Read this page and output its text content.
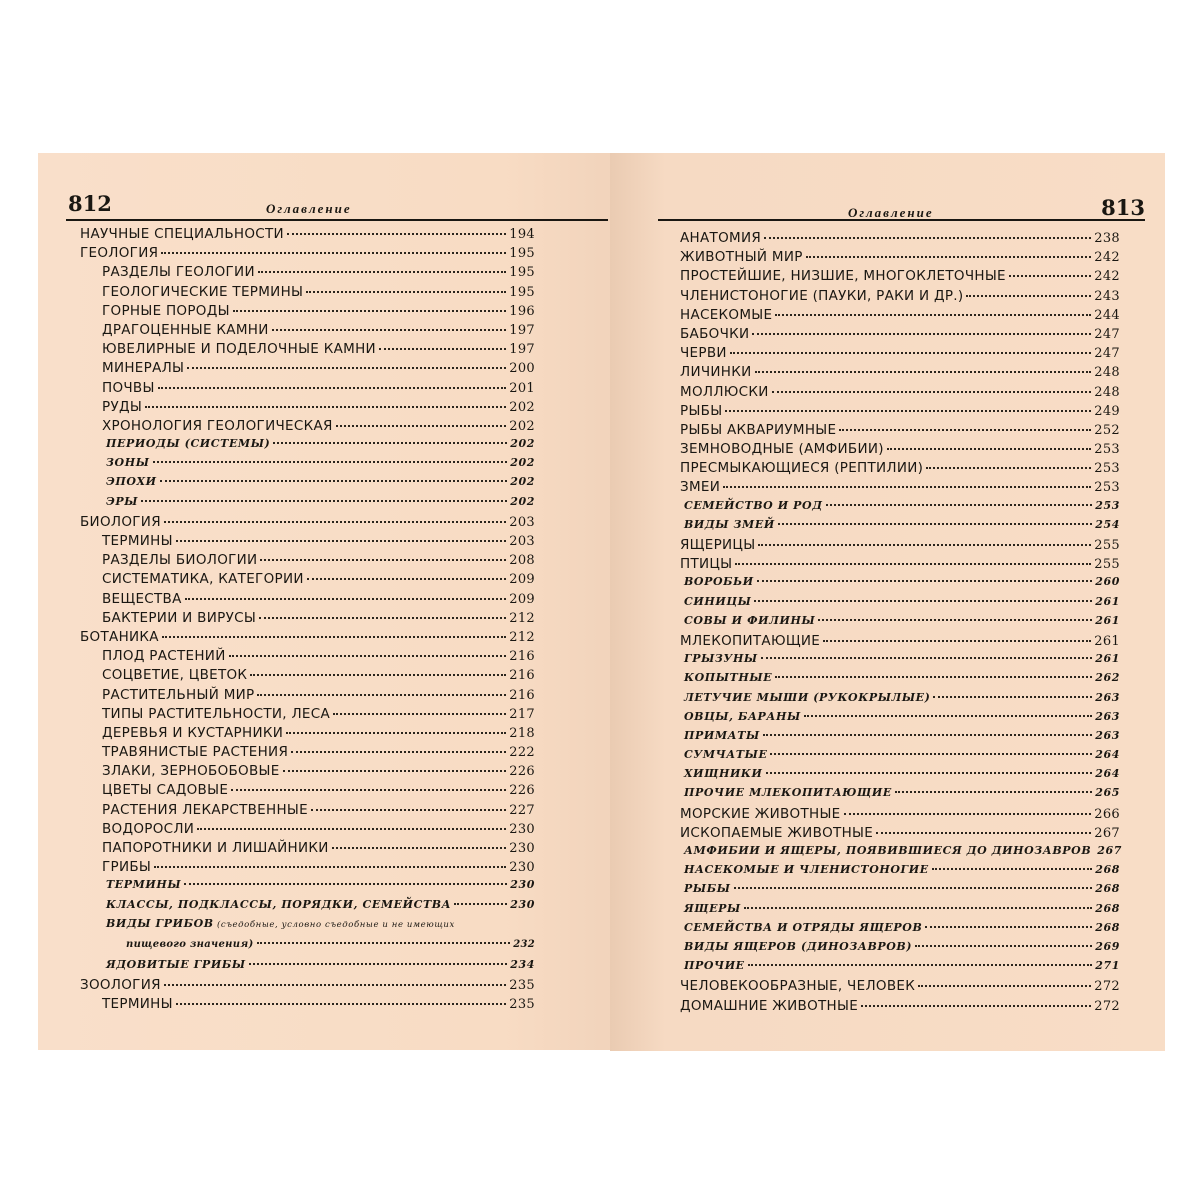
812	Оглавление
НАУЧНЫЕ СПЕЦИАЛЬНОСТИ	194
ГЕОЛОГИЯ	195
РАЗДЕЛЫ ГЕОЛОГИИ	195
ГЕОЛОГИЧЕСКИЕ ТЕРМИНЫ	195
ГОРНЫЕ ПОРОДЫ	196
ДРАГОЦЕННЫЕ КАМНИ	197
ЮВЕЛИРНЫЕ И ПОДЕЛОЧНЫЕ КАМНИ	197
МИНЕРАЛЫ	200
ПОЧВЫ	201
РУДЫ	202
ХРОНОЛОГИЯ ГЕОЛОГИЧЕСКАЯ	202
ПЕРИОДЫ (СИСТЕМЫ)	202
ЗОНЫ	202
ЭПОХИ	202
ЭРЫ	202
БИОЛОГИЯ	203
ТЕРМИНЫ	203
РАЗДЕЛЫ БИОЛОГИИ	208
СИСТЕМАТИКА, КАТЕГОРИИ	209
ВЕЩЕСТВА	209
БАКТЕРИИ И ВИРУСЫ	212
БОТАНИКА	212
ПЛОД РАСТЕНИЙ	216
СОЦВЕТИЕ, ЦВЕТОК	216
РАСТИТЕЛЬНЫЙ МИР	216
ТИПЫ РАСТИТЕЛЬНОСТИ, ЛЕСА	217
ДЕРЕВЬЯ И КУСТАРНИКИ	218
ТРАВЯНИСТЫЕ РАСТЕНИЯ	222
ЗЛАКИ, ЗЕРНОБОБОВЫЕ	226
ЦВЕТЫ САДОВЫЕ	226
РАСТЕНИЯ ЛЕКАРСТВЕННЫЕ	227
ВОДОРОСЛИ	230
ПАПОРОТНИКИ И ЛИШАЙНИКИ	230
ГРИБЫ	230
ТЕРМИНЫ	230
КЛАССЫ, ПОДКЛАССЫ, ПОРЯДКИ, СЕМЕЙСТВА	230
ВИДЫ ГРИБОВ (съедобные, условно съедобные и не имеющих
пищевого значения)	232
ЯДОВИТЫЕ ГРИБЫ	234
ЗООЛОГИЯ	235
ТЕРМИНЫ	235
Оглавление	813
АНАТОМИЯ	238
ЖИВОТНЫЙ МИР	242
ПРОСТЕЙШИЕ, НИЗШИЕ, МНОГОКЛЕТОЧНЫЕ	242
ЧЛЕНИСТОНОГИЕ (ПАУКИ, РАКИ И ДР.)	243
НАСЕКОМЫЕ	244
БАБОЧКИ	247
ЧЕРВИ	247
ЛИЧИНКИ	248
МОЛЛЮСКИ	248
РЫБЫ	249
РЫБЫ АКВАРИУМНЫЕ	252
ЗЕМНОВОДНЫЕ (АМФИБИИ)	253
ПРЕСМЫКАЮЩИЕСЯ (РЕПТИЛИИ)	253
ЗМЕИ	253
СЕМЕЙСТВО И РОД	253
ВИДЫ ЗМЕЙ	254
ЯЩЕРИЦЫ	255
ПТИЦЫ	255
ВОРОБЬИ	260
СИНИЦЫ	261
СОВЫ И ФИЛИНЫ	261
МЛЕКОПИТАЮЩИЕ	261
ГРЫЗУНЫ	261
КОПЫТНЫЕ	262
ЛЕТУЧИЕ МЫШИ (РУКОКРЫЛЫЕ)	263
ОВЦЫ, БАРАНЫ	263
ПРИМАТЫ	263
СУМЧАТЫЕ	264
ХИЩНИКИ	264
ПРОЧИЕ МЛЕКОПИТАЮЩИЕ	265
МОРСКИЕ ЖИВОТНЫЕ	266
ИСКОПАЕМЫЕ ЖИВОТНЫЕ	267
АМФИБИИ И ЯЩЕРЫ, ПОЯВИВШИЕСЯ ДО ДИНОЗАВРОВ 267
НАСЕКОМЫЕ И ЧЛЕНИСТОНОГИЕ	268
РЫБЫ	268
ЯЩЕРЫ	268
СЕМЕЙСТВА И ОТРЯДЫ ЯЩЕРОВ	268
ВИДЫ ЯЩЕРОВ (ДИНОЗАВРОВ)	269
ПРОЧИЕ	271
ЧЕЛОВЕКООБРАЗНЫЕ, ЧЕЛОВЕК	272
ДОМАШНИЕ ЖИВОТНЫЕ	272
